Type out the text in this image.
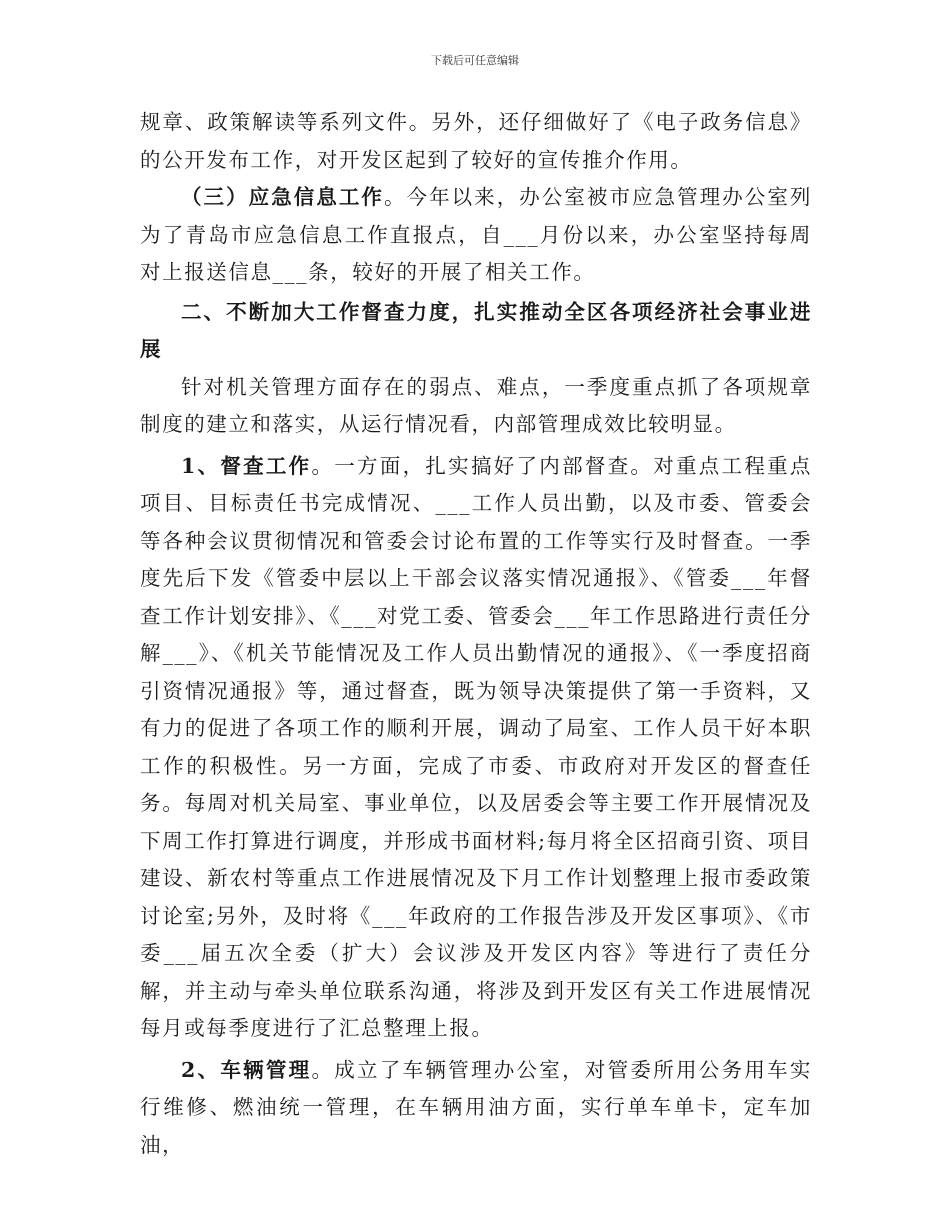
下载后可任意编辑

规章、政策解读等系列文件。另外，还仔细做好了《电子政务信息》的公开发布工作，对开发区起到了较好的宣传推介作用。

（三）应急信息工作。今年以来，办公室被市应急管理办公室列为了青岛市应急信息工作直报点，自___月份以来，办公室坚持每周对上报送信息___条，较好的开展了相关工作。

二、不断加大工作督查力度，扎实推动全区各项经济社会事业进展

针对机关管理方面存在的弱点、难点，一季度重点抓了各项规章制度的建立和落实，从运行情况看，内部管理成效比较明显。

1、督查工作。一方面，扎实搞好了内部督查。对重点工程重点项目、目标责任书完成情况、___工作人员出勤，以及市委、管委会等各种会议贯彻情况和管委会讨论布置的工作等实行及时督查。一季度先后下发《管委中层以上干部会议落实情况通报》、《管委___年督查工作计划安排》、《___对党工委、管委会___年工作思路进行责任分解___》、《机关节能情况及工作人员出勤情况的通报》、《一季度招商引资情况通报》等，通过督查，既为领导决策提供了第一手资料，又有力的促进了各项工作的顺利开展，调动了局室、工作人员干好本职工作的积极性。另一方面，完成了市委、市政府对开发区的督查任务。每周对机关局室、事业单位，以及居委会等主要工作开展情况及下周工作打算进行调度，并形成书面材料;每月将全区招商引资、项目建设、新农村等重点工作进展情况及下月工作计划整理上报市委政策讨论室;另外，及时将《___年政府的工作报告涉及开发区事项》、《市委___届五次全委（扩大）会议涉及开发区内容》等进行了责任分解，并主动与牵头单位联系沟通，将涉及到开发区有关工作进展情况每月或每季度进行了汇总整理上报。

2、车辆管理。成立了车辆管理办公室，对管委所用公务用车实行维修、燃油统一管理，在车辆用油方面，实行单车单卡，定车加油，
